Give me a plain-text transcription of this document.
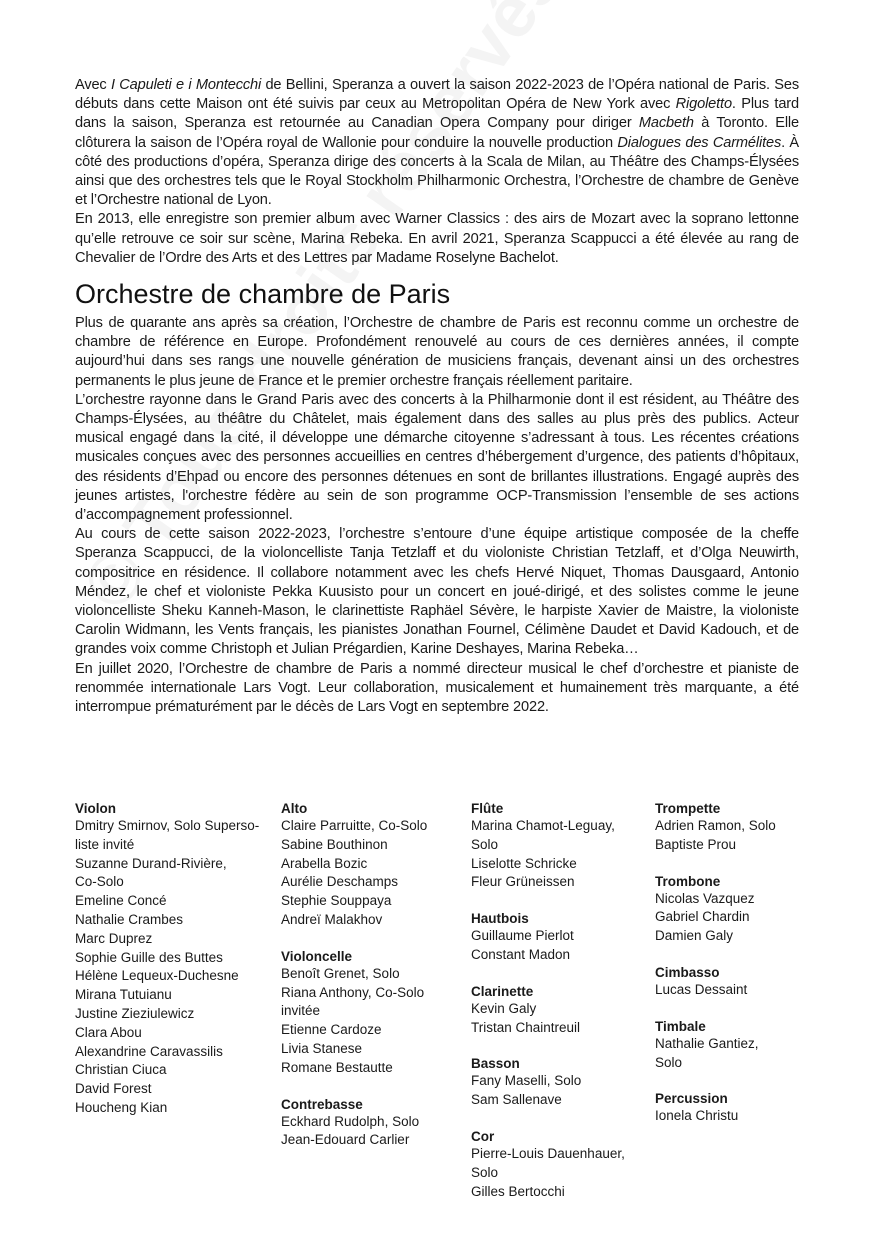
Avec I Capuleti e i Montecchi de Bellini, Speranza a ouvert la saison 2022-2023 de l’Opéra national de Paris. Ses débuts dans cette Maison ont été suivis par ceux au Metropolitan Opéra de New York avec Rigoletto. Plus tard dans la saison, Speranza est retournée au Canadian Opera Company pour diriger Macbeth à Toronto. Elle clôturera la saison de l’Opéra royal de Wallonie pour conduire la nouvelle production Dialogues des Carmélites. À côté des productions d’opéra, Speranza dirige des concerts à la Scala de Milan, au Théâtre des Champs-Élysées ainsi que des orchestres tels que le Royal Stockholm Philharmonic Orchestra, l’Orchestre de chambre de Genève et l’Orchestre national de Lyon.

En 2013, elle enregistre son premier album avec Warner Classics : des airs de Mozart avec la soprano lettonne qu’elle retrouve ce soir sur scène, Marina Rebeka. En avril 2021, Speranza Scappucci a été élevée au rang de Chevalier de l’Ordre des Arts et des Lettres par Madame Roselyne Bachelot.

Orchestre de chambre de Paris

Plus de quarante ans après sa création, l’Orchestre de chambre de Paris est reconnu comme un orchestre de chambre de référence en Europe. Profondément renouvelé au cours de ces dernières années, il compte aujourd’hui dans ses rangs une nouvelle génération de musiciens français, devenant ainsi un des orchestres permanents le plus jeune de France et le premier orchestre français réellement paritaire.

L’orchestre rayonne dans le Grand Paris avec des concerts à la Philharmonie dont il est résident, au Théâtre des Champs-Élysées, au théâtre du Châtelet, mais également dans des salles au plus près des publics. Acteur musical engagé dans la cité, il développe une démarche citoyenne s’adressant à tous. Les récentes créations musicales conçues avec des personnes accueillies en centres d’hébergement d’urgence, des patients d’hôpitaux, des résidents d’Ehpad ou encore des personnes détenues en sont de brillantes illustrations. Engagé auprès des jeunes artistes, l'orchestre fédère au sein de son programme OCP-Transmission l’ensemble de ses actions d’accompagnement professionnel.

Au cours de cette saison 2022-2023, l’orchestre s’entoure d’une équipe artistique composée de la cheffe Speranza Scappucci, de la violoncelliste Tanja Tetzlaff et du violoniste Christian Tetzlaff, et d’Olga Neuwirth, compositrice en résidence. Il collabore notamment avec les chefs Hervé Niquet, Thomas Dausgaard, Antonio Méndez, le chef et violoniste Pekka Kuusisto pour un concert en joué-dirigé, et des solistes comme le jeune violoncelliste Sheku Kanneh-Mason, le clarinettiste Raphäel Sévère, le harpiste Xavier de Maistre, la violoniste Carolin Widmann, les Vents français, les pianistes Jonathan Fournel, Célimène Daudet et David Kadouch, et de grandes voix comme Christoph et Julian Prégardien, Karine Deshayes, Marina Rebeka…

En juillet 2020, l’Orchestre de chambre de Paris a nommé directeur musical le chef d’orchestre et pianiste de renommée internationale Lars Vogt. Leur collaboration, musicalement et humainement très marquante, a été interrompue prématurément par le décès de Lars Vogt en septembre 2022.

Violon
Dmitry Smirnov, Solo Superso-
liste invité
Suzanne Durand-Rivière,
Co-Solo
Emeline Concé
Nathalie Crambes
Marc Duprez
Sophie Guille des Buttes
Hélène Lequeux-Duchesne
Mirana Tutuianu
Justine Zieziulewicz
Clara Abou
Alexandrine Caravassilis
Christian Ciuca
David Forest
Houcheng Kian
Alto
Claire Parruitte, Co-Solo
Sabine Bouthinon
Arabella Bozic
Aurélie Deschamps
Stephie Souppaya
Andreï Malakhov
Violoncelle
Benoît Grenet, Solo
Riana Anthony, Co-Solo
invitée
Etienne Cardoze
Livia Stanese
Romane Bestautte
Contrebasse
Eckhard Rudolph, Solo
Jean-Edouard Carlier
Flûte
Marina Chamot-Leguay,
Solo
Liselotte Schricke
Fleur Grüneissen
Hautbois
Guillaume Pierlot
Constant Madon
Clarinette
Kevin Galy
Tristan Chaintreuil
Basson
Fany Maselli, Solo
Sam Sallenave
Cor
Pierre-Louis Dauenhauer,
Solo
Gilles Bertocchi
Trompette
Adrien Ramon, Solo
Baptiste Prou
Trombone
Nicolas Vazquez
Gabriel Chardin
Damien Galy
Cimbasso
Lucas Dessaint
Timbale
Nathalie Gantiez,
Solo
Percussion
Ionela Christu
